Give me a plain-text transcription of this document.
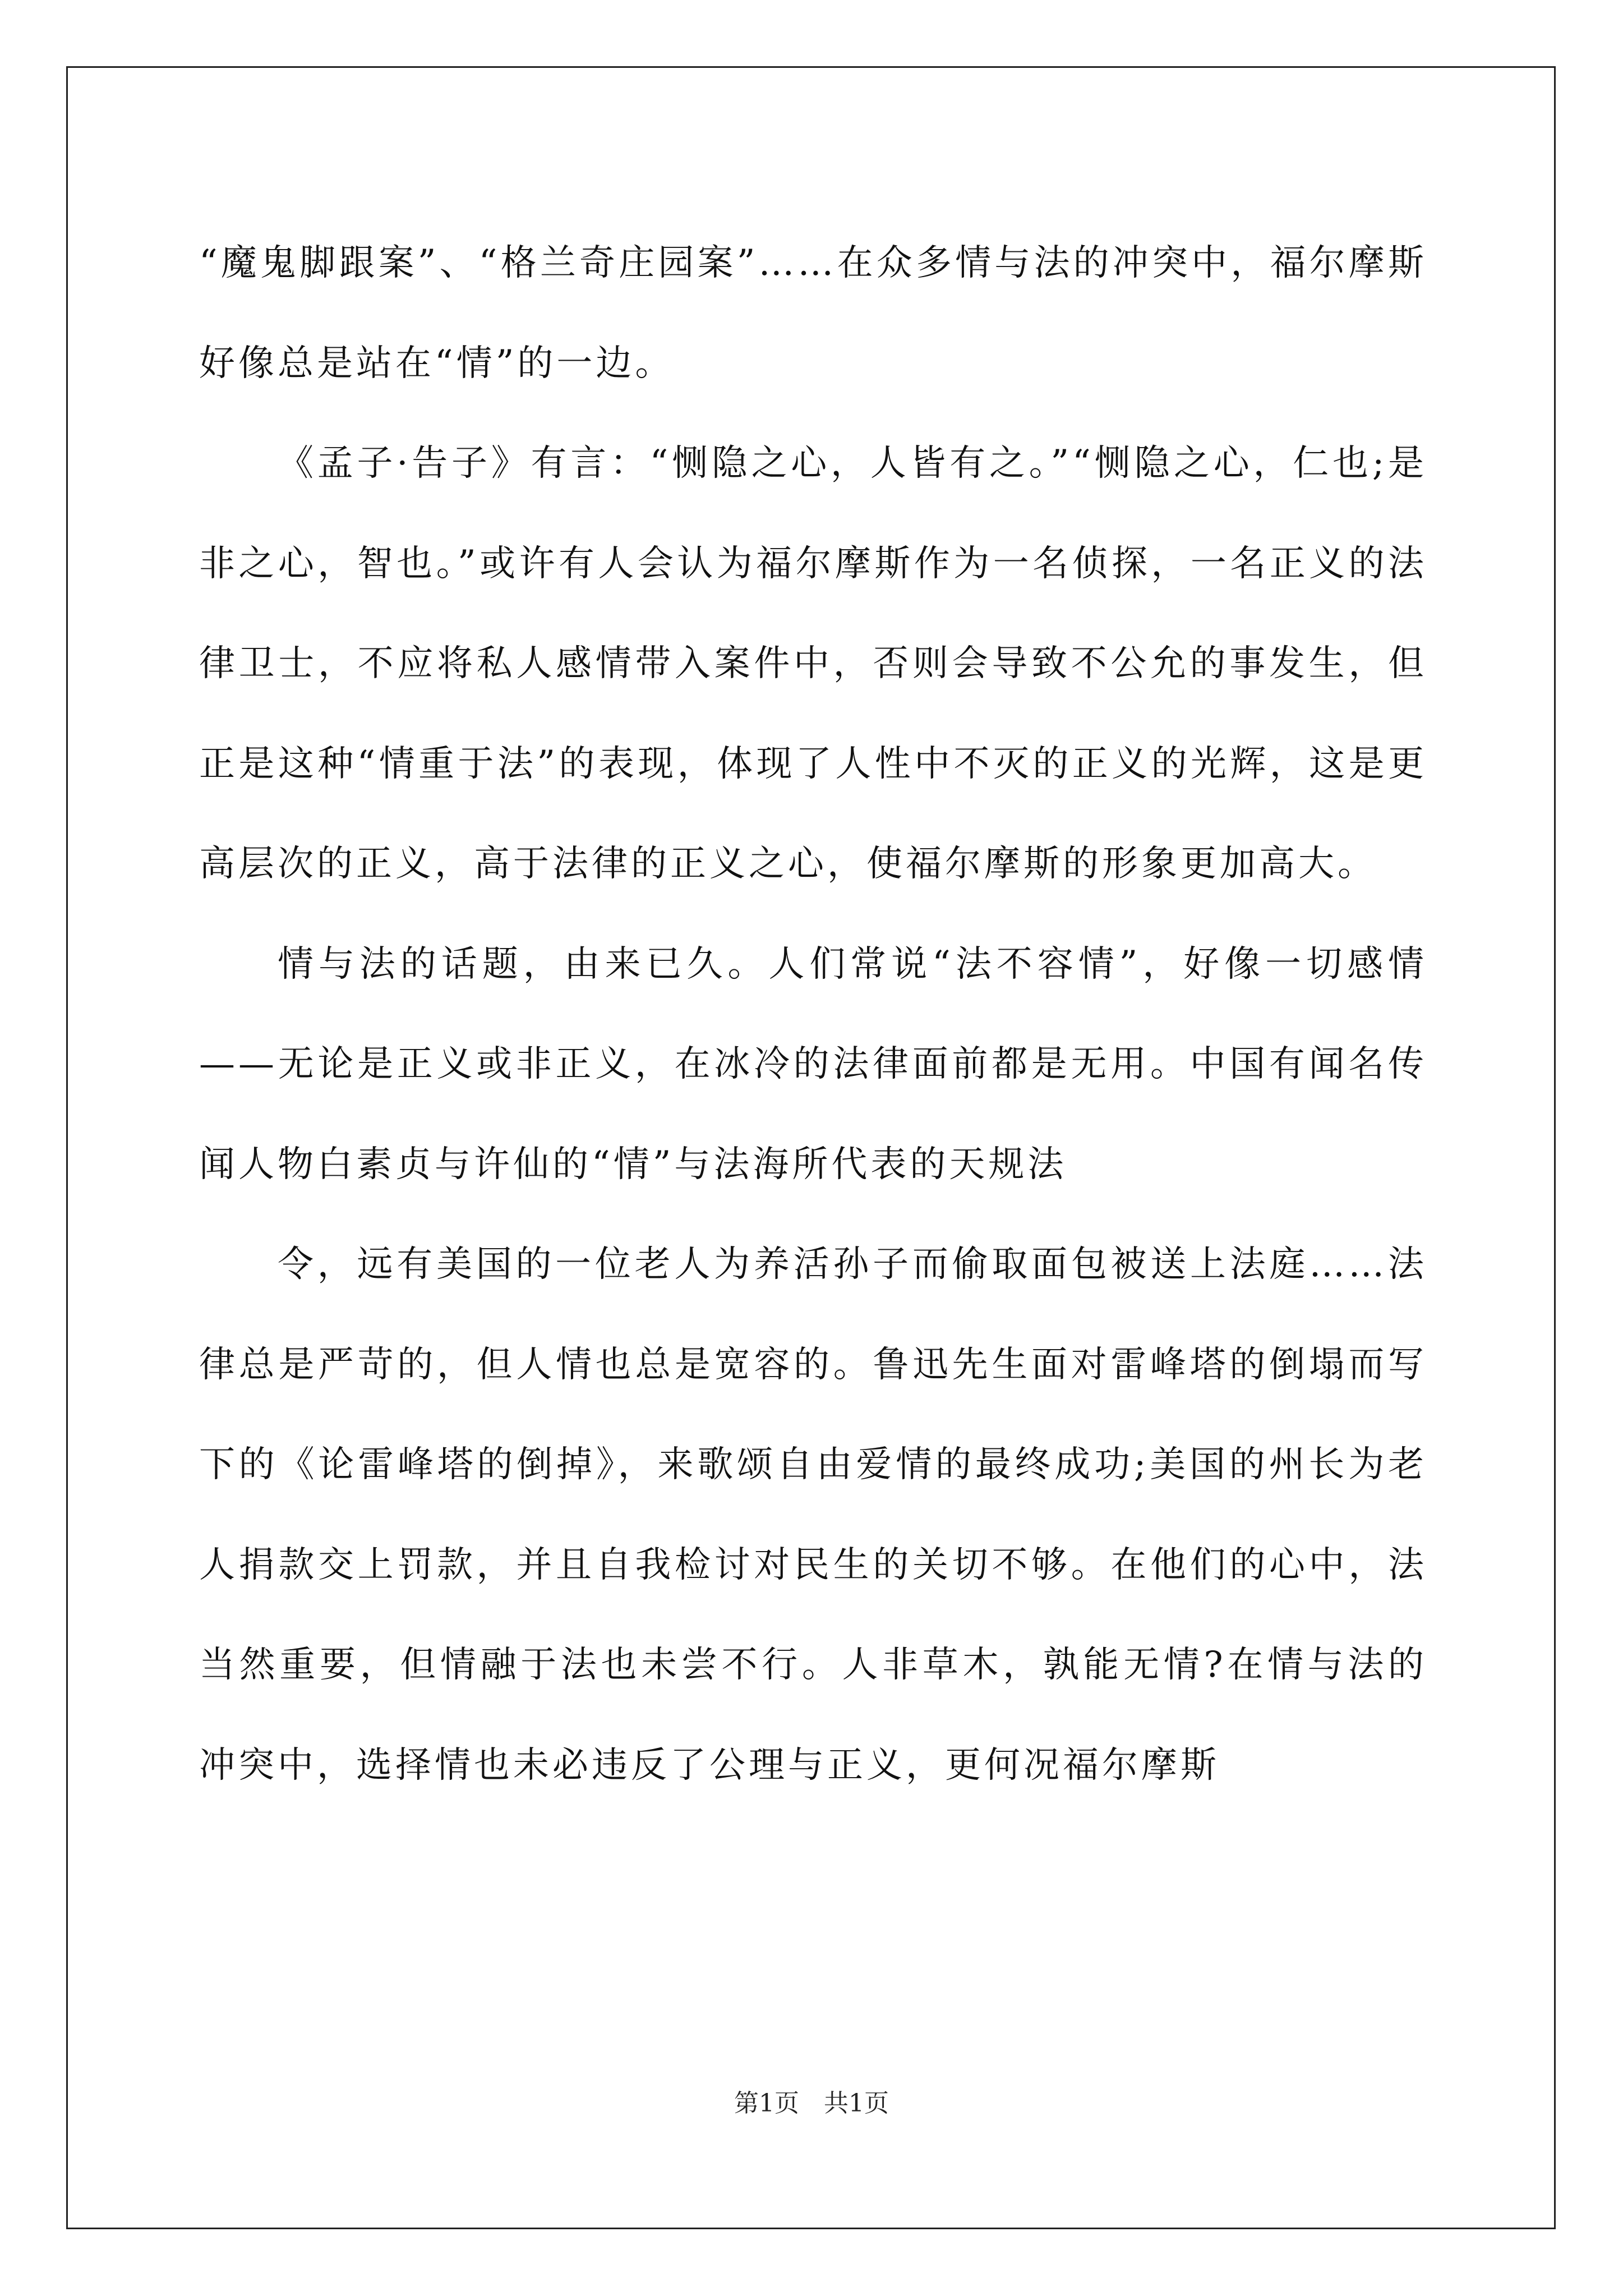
“魔鬼脚跟案”、“格兰奇庄园案”……在众多情与法的冲突中，福尔摩斯好像总是站在“情”的一边。

《孟子·告子》有言：“恻隐之心，人皆有之。”“恻隐之心，仁也;是非之心，智也。”或许有人会认为福尔摩斯作为一名侦探，一名正义的法律卫士，不应将私人感情带入案件中，否则会导致不公允的事发生，但正是这种“情重于法”的表现，体现了人性中不灭的正义的光辉，这是更高层次的正义，高于法律的正义之心，使福尔摩斯的形象更加高大。

情与法的话题，由来已久。人们常说“法不容情”，好像一切感情——无论是正义或非正义，在冰冷的法律面前都是无用。中国有闻名传闻人物白素贞与许仙的“情”与法海所代表的天规法

令，远有美国的一位老人为养活孙子而偷取面包被送上法庭……法律总是严苛的，但人情也总是宽容的。鲁迅先生面对雷峰塔的倒塌而写下的《论雷峰塔的倒掉》，来歌颂自由爱情的最终成功;美国的州长为老人捐款交上罚款，并且自我检讨对民生的关切不够。在他们的心中，法当然重要，但情融于法也未尝不行。人非草木，孰能无情?在情与法的冲突中，选择情也未必违反了公理与正义，更何况福尔摩斯

第1页　共1页
